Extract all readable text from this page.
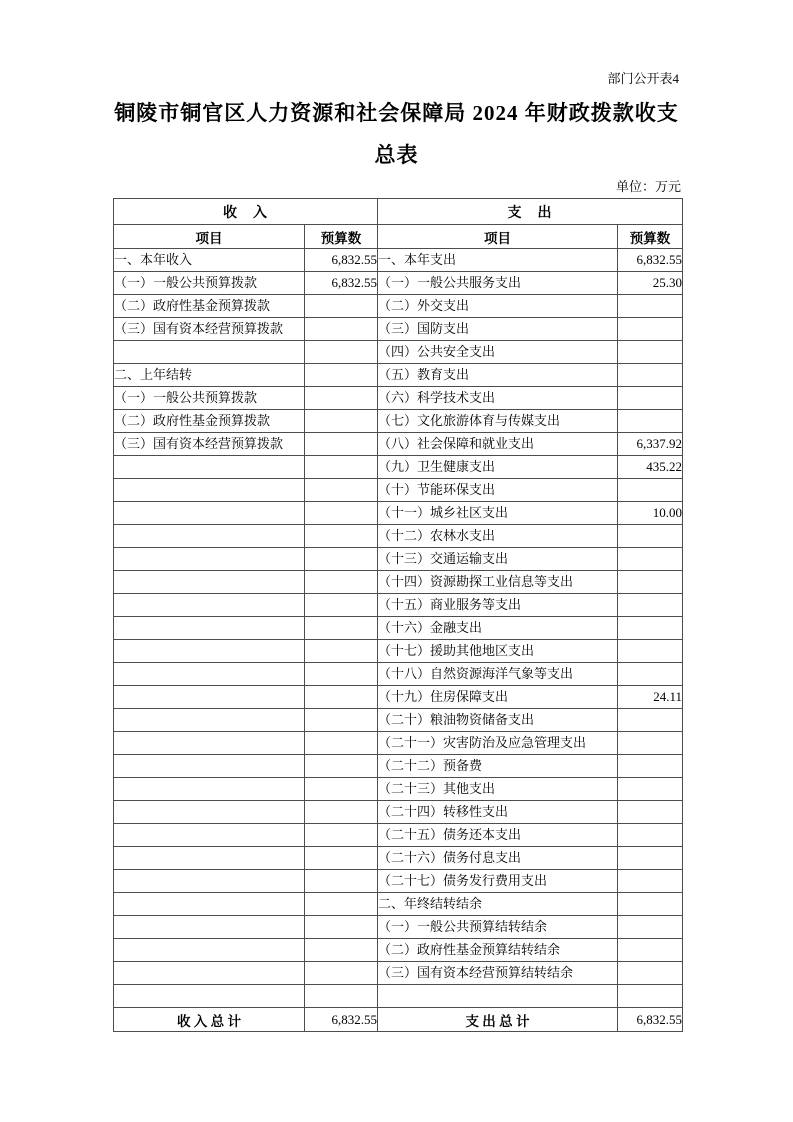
部门公开表4
铜陵市铜官区人力资源和社会保障局 2024 年财政拨款收支
总表
单位：万元
收　入		支　出	
项目	预算数	项目	预算数
一、本年收入	6,832.55	一、本年支出	6,832.55
（一）一般公共预算拨款	6,832.55	（一）一般公共服务支出	25.30
（二）政府性基金预算拨款		（二）外交支出	
（三）国有资本经营预算拨款		（三）国防支出	
		（四）公共安全支出	
二、上年结转		（五）教育支出	
（一）一般公共预算拨款		（六）科学技术支出	
（二）政府性基金预算拨款		（七）文化旅游体育与传媒支出	
（三）国有资本经营预算拨款		（八）社会保障和就业支出	6,337.92
		（九）卫生健康支出	435.22
		（十）节能环保支出	
		（十一）城乡社区支出	10.00
		（十二）农林水支出	
		（十三）交通运输支出	
		（十四）资源勘探工业信息等支出	
		（十五）商业服务等支出	
		（十六）金融支出	
		（十七）援助其他地区支出	
		（十八）自然资源海洋气象等支出	
		（十九）住房保障支出	24.11
		（二十）粮油物资储备支出	
		（二十一）灾害防治及应急管理支出	
		（二十二）预备费	
		（二十三）其他支出	
		（二十四）转移性支出	
		（二十五）债务还本支出	
		（二十六）债务付息支出	
		（二十七）债务发行费用支出	
		二、年终结转结余	
		（一）一般公共预算结转结余	
		（二）政府性基金预算结转结余	
		（三）国有资本经营预算结转结余	

收 入 总 计	6,832.55	支 出 总 计	6,832.55
